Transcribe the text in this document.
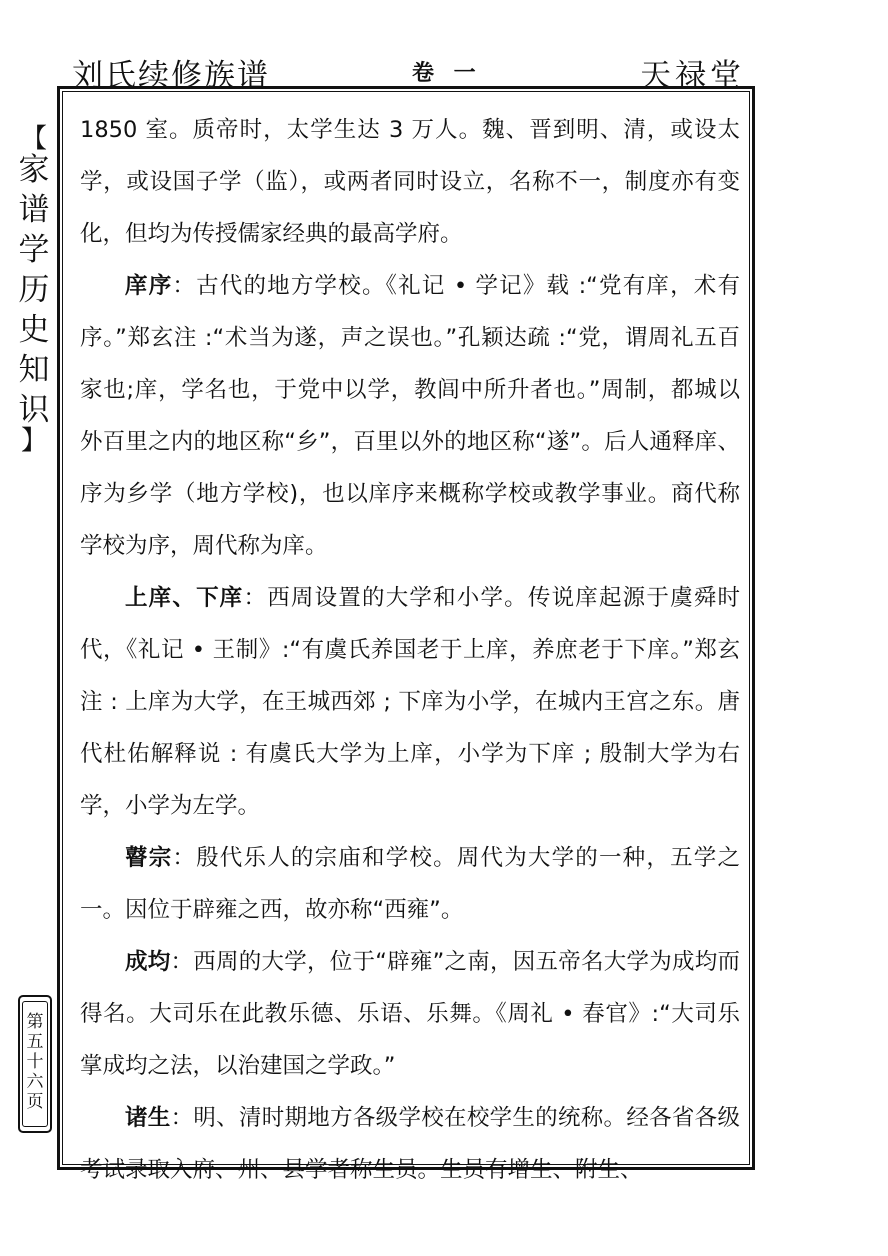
刘氏续修族谱	卷 一	天禄堂
【
家
谱
学
历
史
知
识
】
第
五
十
六
页

1850 室。质帝时，太学生达 3 万人。魏、晋到明、清，或设太学，或设国子学（监），或两者同时设立，名称不一，制度亦有变化，但均为传授儒家经典的最高学府。

庠序：古代的地方学校。《礼记 • 学记》载 :“党有庠，术有序。”郑玄注 :“术当为遂，声之误也。”孔颖达疏 :“党，谓周礼五百家也;庠，学名也，于党中以学，教闾中所升者也。”周制，都城以外百里之内的地区称“乡”，百里以外的地区称“遂”。后人通释庠、序为乡学（地方学校)，也以庠序来概称学校或教学事业。商代称学校为序，周代称为庠。

上庠、下庠：西周设置的大学和小学。传说庠起源于虞舜时代，《礼记 • 王制》:“有虞氏养国老于上庠，养庶老于下庠。”郑玄注 : 上庠为大学，在王城西郊 ; 下庠为小学，在城内王宫之东。唐代杜佑解释说 : 有虞氏大学为上庠，小学为下庠 ; 殷制大学为右学，小学为左学。

瞽宗：殷代乐人的宗庙和学校。周代为大学的一种，五学之一。因位于辟雍之西，故亦称“西雍”。

成均：西周的大学，位于“辟雍”之南，因五帝名大学为成均而得名。大司乐在此教乐德、乐语、乐舞。《周礼 • 春官》:“大司乐掌成均之法，以治建国之学政。”

诸生：明、清时期地方各级学校在校学生的统称。经各省各级考试录取入府、州、县学者称生员。生员有增生、附生、
